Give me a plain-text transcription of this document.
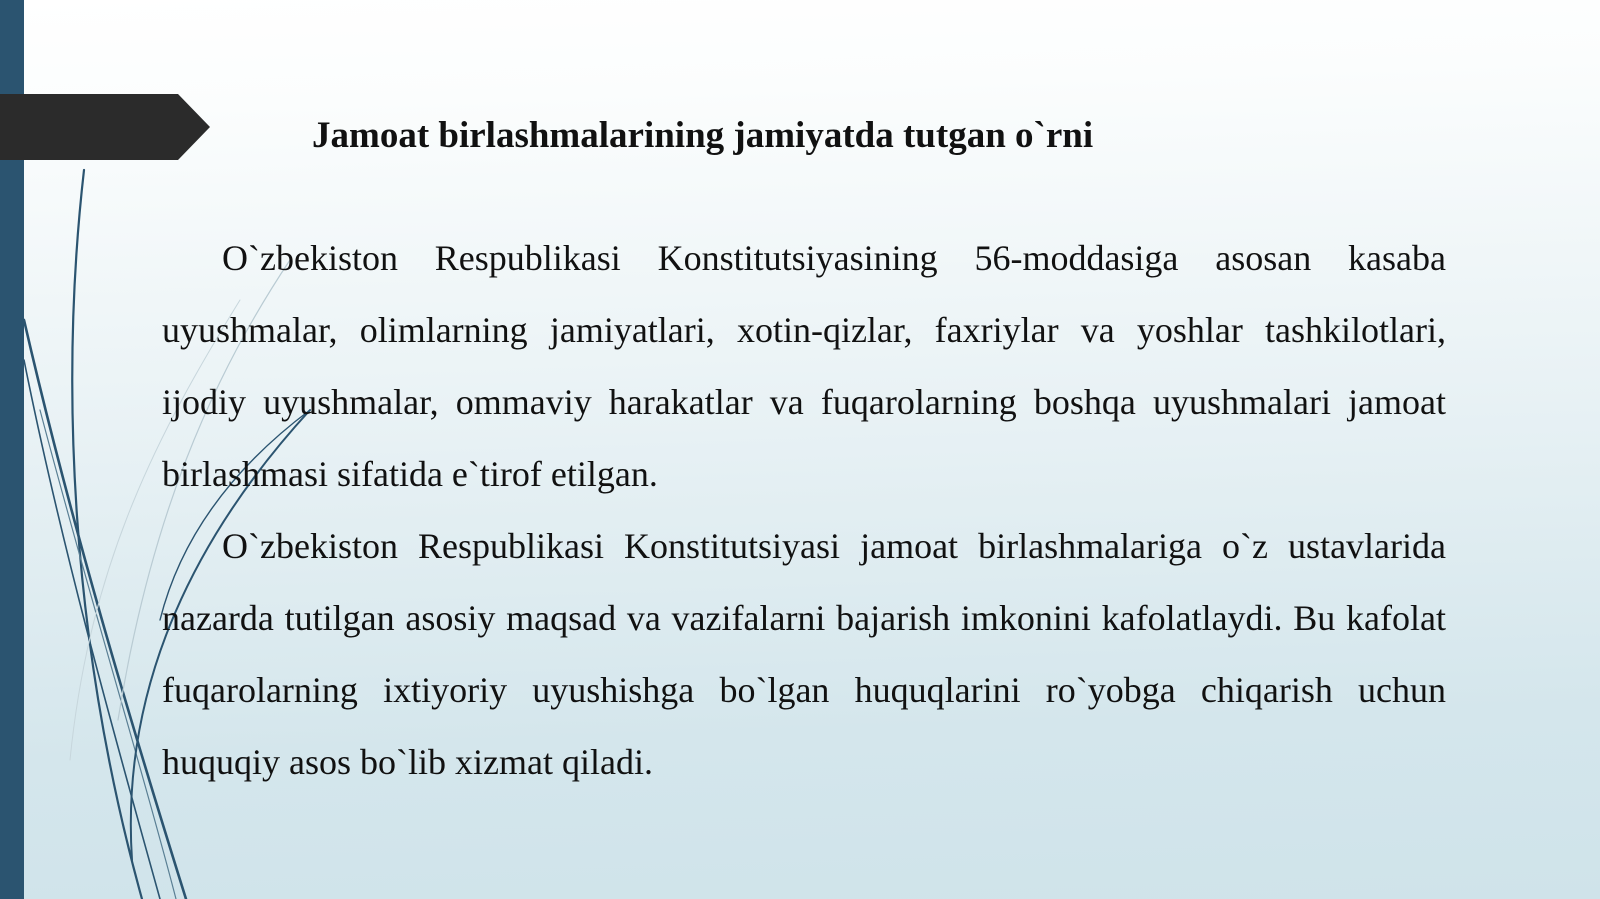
Jamoat birlashmalarining jamiyatda tutgan o`rni

O`zbekiston Respublikasi Konstitutsiyasining 56-moddasiga asosan kasaba uyushmalar, olimlarning jamiyatlari, xotin-qizlar, faxriylar va yoshlar tashkilotlari, ijodiy uyushmalar, ommaviy harakatlar va fuqarolarning boshqa uyushmalari jamoat birlashmasi sifatida e`tirof etilgan.

O`zbekiston Respublikasi Konstitutsiyasi jamoat birlashmalariga o`z ustavlarida nazarda tutilgan asosiy maqsad va vazifalarni bajarish imkonini kafolatlaydi. Bu kafolat fuqarolarning ixtiyoriy uyushishga bo`lgan huquqlarini ro`yobga chiqarish uchun huquqiy asos bo`lib xizmat qiladi.
